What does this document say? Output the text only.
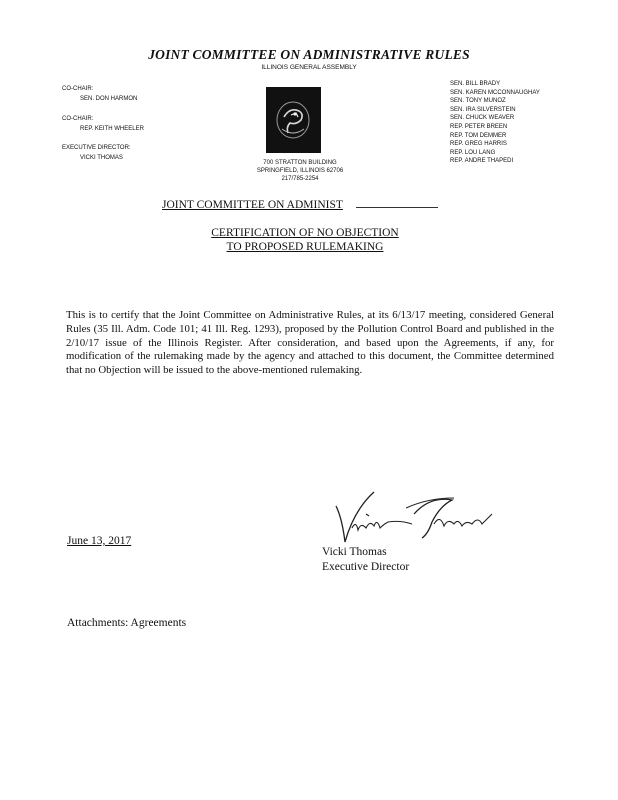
JOINT COMMITTEE ON ADMINISTRATIVE RULES
ILLINOIS GENERAL ASSEMBLY
CO-CHAIR:
SEN. DON HARMON
CO-CHAIR:
REP. KEITH WHEELER
EXECUTIVE DIRECTOR:
VICKI THOMAS
700 STRATTON BUILDING
SPRINGFIELD, ILLINOIS 62706
217/785-2254
SEN. BILL BRADY
SEN. KAREN MCCONNAUGHAY
SEN. TONY MUNOZ
SEN. IRA SILVERSTEIN
SEN. CHUCK WEAVER
REP. PETER BREEN
REP. TOM DEMMER
REP. GREG HARRIS
REP. LOU LANG
REP. ANDRE THAPEDI
JOINT COMMITTEE ON ADMINIST
CERTIFICATION OF NO OBJECTION
TO PROPOSED RULEMAKING
This is to certify that the Joint Committee on Administrative Rules, at its 6/13/17 meeting, considered General Rules (35 Ill. Adm. Code 101; 41 Ill. Reg. 1293), proposed by the Pollution Control Board and published in the 2/10/17 issue of the Illinois Register. After consideration, and based upon the Agreements, if any, for modification of the rulemaking made by the agency and attached to this document, the Committee determined that no Objection will be issued to the above-mentioned rulemaking.
June 13, 2017
Vicki Thomas
Vicki Thomas
Executive Director
Attachments: Agreements
